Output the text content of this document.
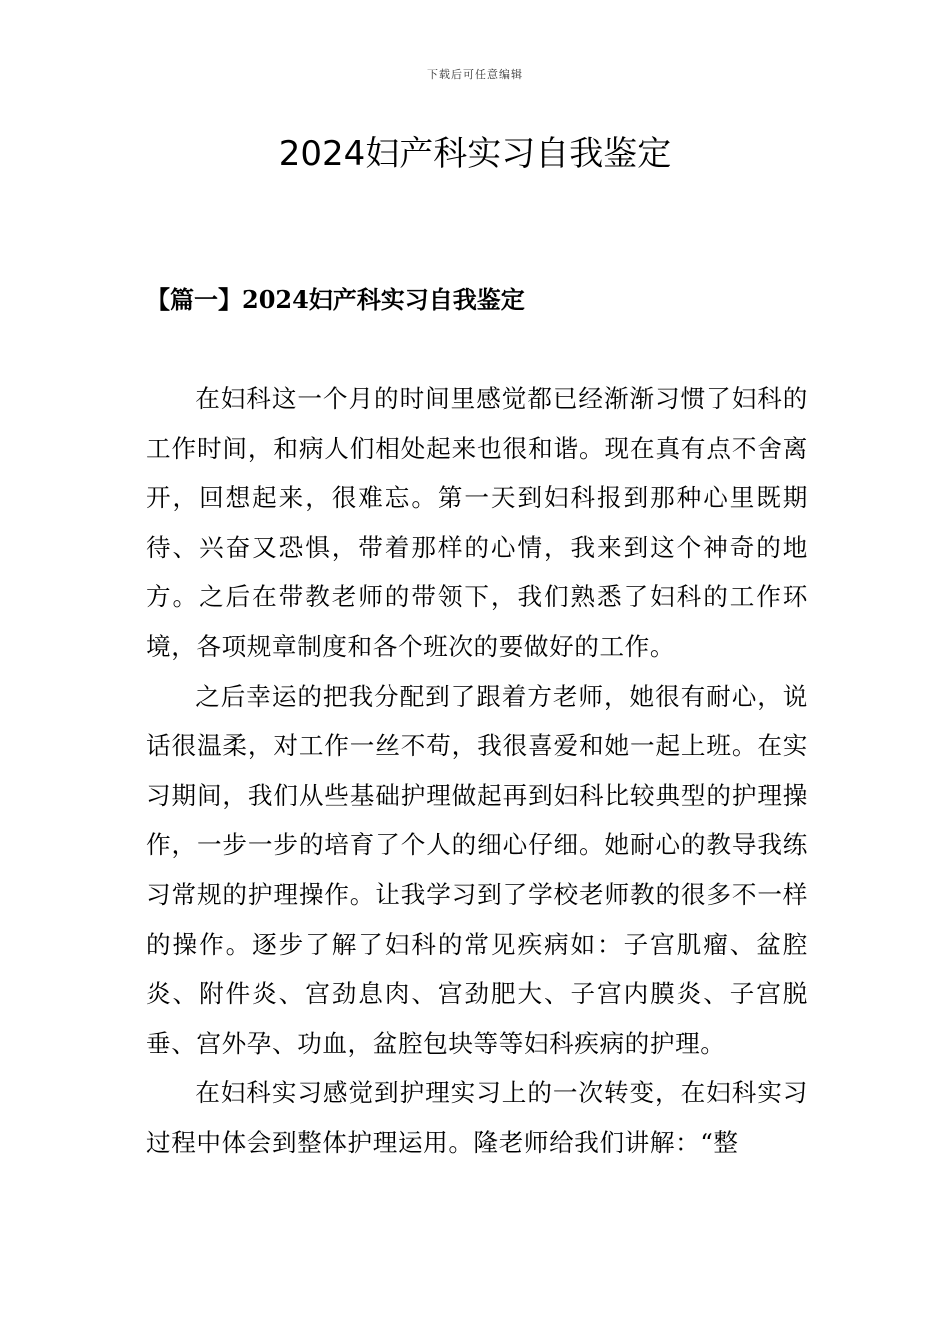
下载后可任意编辑
2024妇产科实习自我鉴定
【篇一】2024妇产科实习自我鉴定

在妇科这一个月的时间里感觉都已经渐渐习惯了妇科的工作时间，和病人们相处起来也很和谐。现在真有点不舍离开，回想起来，很难忘。第一天到妇科报到那种心里既期待、兴奋又恐惧，带着那样的心情，我来到这个神奇的地方。之后在带教老师的带领下，我们熟悉了妇科的工作环境，各项规章制度和各个班次的要做好的工作。

之后幸运的把我分配到了跟着方老师，她很有耐心，说话很温柔，对工作一丝不苟，我很喜爱和她一起上班。在实习期间，我们从些基础护理做起再到妇科比较典型的护理操作，一步一步的培育了个人的细心仔细。她耐心的教导我练习常规的护理操作。让我学习到了学校老师教的很多不一样的操作。逐步了解了妇科的常见疾病如：子宫肌瘤、盆腔炎、附件炎、宫劲息肉、宫劲肥大、子宫内膜炎、子宫脱垂、宫外孕、功血，盆腔包块等等妇科疾病的护理。

在妇科实习感觉到护理实习上的一次转变，在妇科实习过程中体会到整体护理运用。隆老师给我们讲解：“整
